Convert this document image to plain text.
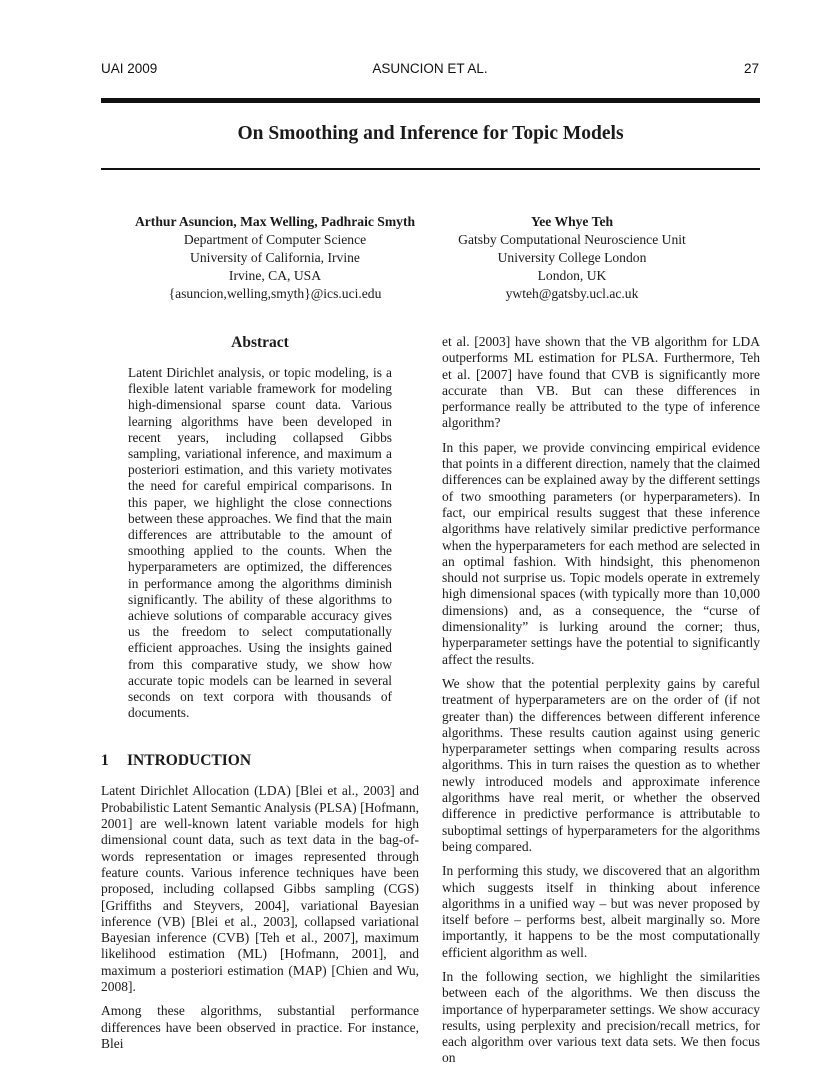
UAI 2009	ASUNCION ET AL.	27
On Smoothing and Inference for Topic Models

Arthur Asuncion, Max Welling, Padhraic Smyth

Department of Computer Science

University of California, Irvine

Irvine, CA, USA

{asuncion,welling,smyth}@ics.uci.edu

Yee Whye Teh

Gatsby Computational Neuroscience Unit

University College London

London, UK

ywteh@gatsby.ucl.ac.uk

Abstract

Latent Dirichlet analysis, or topic modeling, is a flexible latent variable framework for modeling high-dimensional sparse count data. Various learning algorithms have been developed in recent years, including collapsed Gibbs sampling, variational inference, and maximum a posteriori estimation, and this variety motivates the need for careful empirical comparisons. In this paper, we highlight the close connections between these approaches. We find that the main differences are attributable to the amount of smoothing applied to the counts. When the hyperparameters are optimized, the differences in performance among the algorithms diminish significantly. The ability of these algorithms to achieve solutions of comparable accuracy gives us the freedom to select computationally efficient approaches. Using the insights gained from this comparative study, we show how accurate topic models can be learned in several seconds on text corpora with thousands of documents.

1 INTRODUCTION

Latent Dirichlet Allocation (LDA) [Blei et al., 2003] and Probabilistic Latent Semantic Analysis (PLSA) [Hofmann, 2001] are well-known latent variable models for high dimensional count data, such as text data in the bag-of-words representation or images represented through feature counts. Various inference techniques have been proposed, including collapsed Gibbs sampling (CGS) [Griffiths and Steyvers, 2004], variational Bayesian inference (VB) [Blei et al., 2003], collapsed variational Bayesian inference (CVB) [Teh et al., 2007], maximum likelihood estimation (ML) [Hofmann, 2001], and maximum a posteriori estimation (MAP) [Chien and Wu, 2008].

Among these algorithms, substantial performance differences have been observed in practice. For instance, Blei

et al. [2003] have shown that the VB algorithm for LDA outperforms ML estimation for PLSA. Furthermore, Teh et al. [2007] have found that CVB is significantly more accurate than VB. But can these differences in performance really be attributed to the type of inference algorithm?

In this paper, we provide convincing empirical evidence that points in a different direction, namely that the claimed differences can be explained away by the different settings of two smoothing parameters (or hyperparameters). In fact, our empirical results suggest that these inference algorithms have relatively similar predictive performance when the hyperparameters for each method are selected in an optimal fashion. With hindsight, this phenomenon should not surprise us. Topic models operate in extremely high dimensional spaces (with typically more than 10,000 dimensions) and, as a consequence, the “curse of dimensionality” is lurking around the corner; thus, hyperparameter settings have the potential to significantly affect the results.

We show that the potential perplexity gains by careful treatment of hyperparameters are on the order of (if not greater than) the differences between different inference algorithms. These results caution against using generic hyperparameter settings when comparing results across algorithms. This in turn raises the question as to whether newly introduced models and approximate inference algorithms have real merit, or whether the observed difference in predictive performance is attributable to suboptimal settings of hyperparameters for the algorithms being compared.

In performing this study, we discovered that an algorithm which suggests itself in thinking about inference algorithms in a unified way – but was never proposed by itself before – performs best, albeit marginally so. More importantly, it happens to be the most computationally efficient algorithm as well.

In the following section, we highlight the similarities between each of the algorithms. We then discuss the importance of hyperparameter settings. We show accuracy results, using perplexity and precision/recall metrics, for each algorithm over various text data sets. We then focus on
